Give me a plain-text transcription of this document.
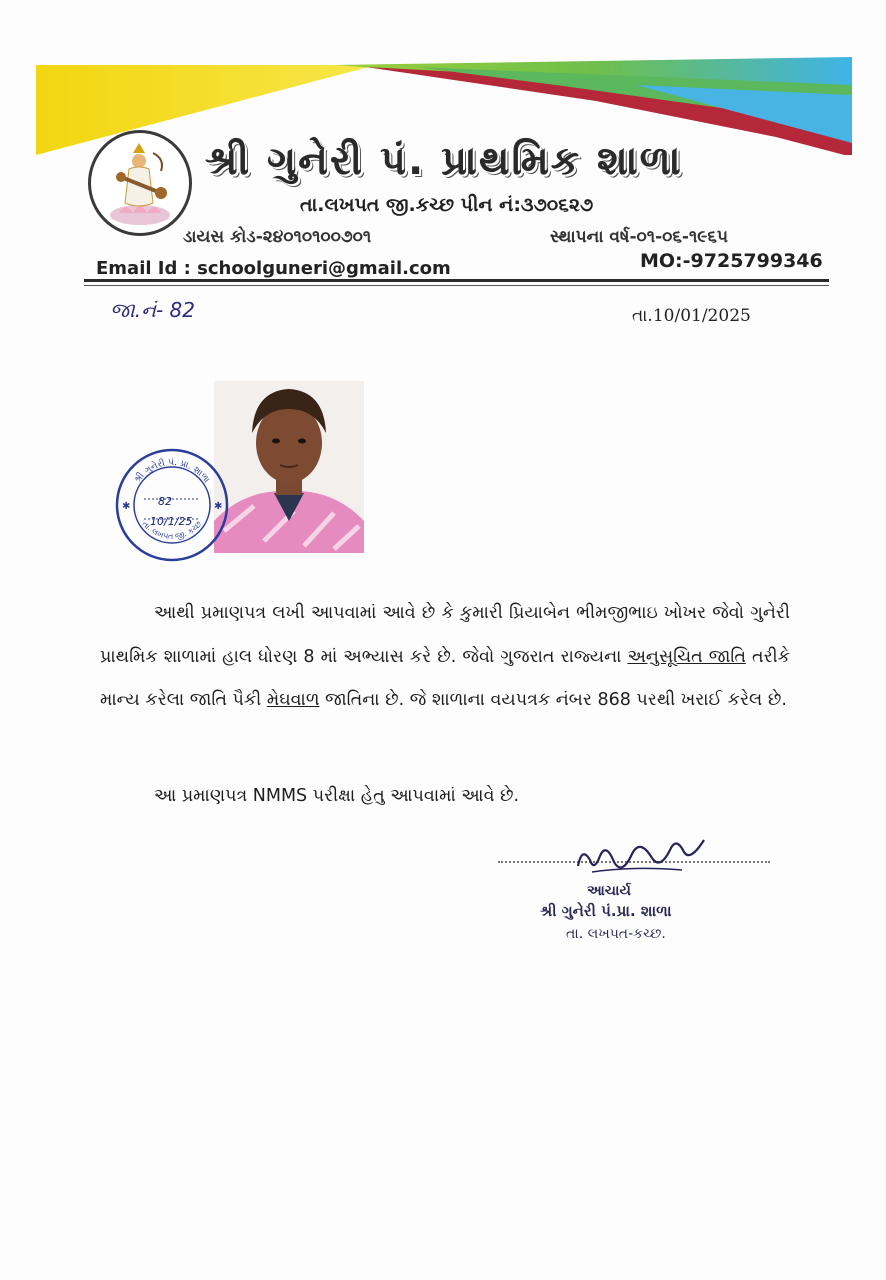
શ્રી ગુનેરી પં. પ્રાથમિક શાળા
તા.લખપત જી.કચ્છ પીન નં:૩૭૦૬૨૭
ડાયસ કોડ-૨૪૦૧૦૧૦૦૭૦૧	સ્થાપના વર્ષ-૦૧-૦૬-૧૯૬૫
Email Id : schoolguneri@gmail.com	MO:-9725799346
જા.નં- 82	તા.10/01/2025
શ્રી ગુનેરી પં. પ્રા. શાળા
તા. લખપત જી. કચ્છ
✱	✱
82
10/1/25
આથી પ્રમાણપત્ર લખી આપવામાં આવે છે કે કુમારી પ્રિયાબેન ભીમજીભાઇ ખોખર જેવો ગુનેરી પ્રાથમિક શાળામાં હાલ ધોરણ 8 માં અભ્યાસ કરે છે. જેવો ગુજરાત રાજ્યના અનુસૂચિત જાતિ તરીકે માન્ય કરેલા જાતિ પૈકી મેઘવાળ જાતિના છે. જે શાળાના વયપત્રક નંબર 868 પરથી ખરાઈ કરેલ છે.
આ પ્રમાણપત્ર NMMS પરીક્ષા હેતુ આપવામાં આવે છે.
આચાર્ય
શ્રી ગુનેરી પં.પ્રા. શાળા
તા. લખપત-કચ્છ.
